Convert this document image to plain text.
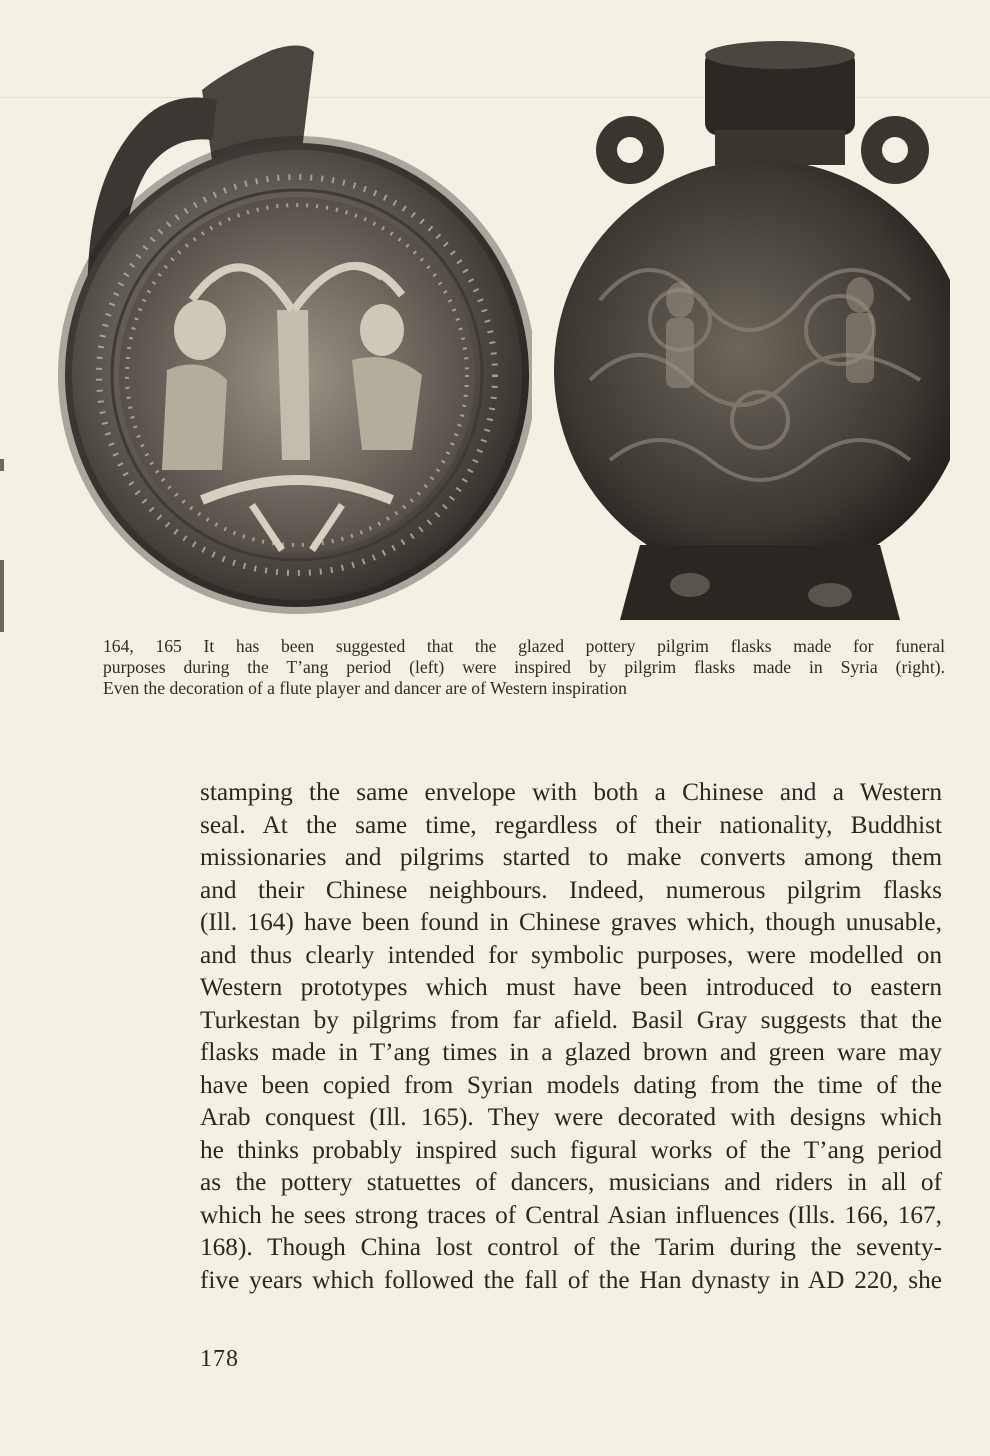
164, 165 It has been suggested that the glazed pottery pilgrim flasks made for funeral
purposes during the T’ang period (left) were inspired by pilgrim flasks made in Syria (right).
Even the decoration of a flute player and dancer are of Western inspiration
stamping the same envelope with both a Chinese and a Western
seal. At the same time, regardless of their nationality, Buddhist
missionaries and pilgrims started to make converts among them
and their Chinese neighbours. Indeed, numerous pilgrim flasks
(Ill. 164) have been found in Chinese graves which, though unusable,
and thus clearly intended for symbolic purposes, were modelled on
Western prototypes which must have been introduced to eastern
Turkestan by pilgrims from far afield. Basil Gray suggests that the
flasks made in T’ang times in a glazed brown and green ware may
have been copied from Syrian models dating from the time of the
Arab conquest (Ill. 165). They were decorated with designs which
he thinks probably inspired such figural works of the T’ang period
as the pottery statuettes of dancers, musicians and riders in all of
which he sees strong traces of Central Asian influences (Ills. 166, 167,
168). Though China lost control of the Tarim during the seventy-
five years which followed the fall of the Han dynasty in AD 220, she
178
